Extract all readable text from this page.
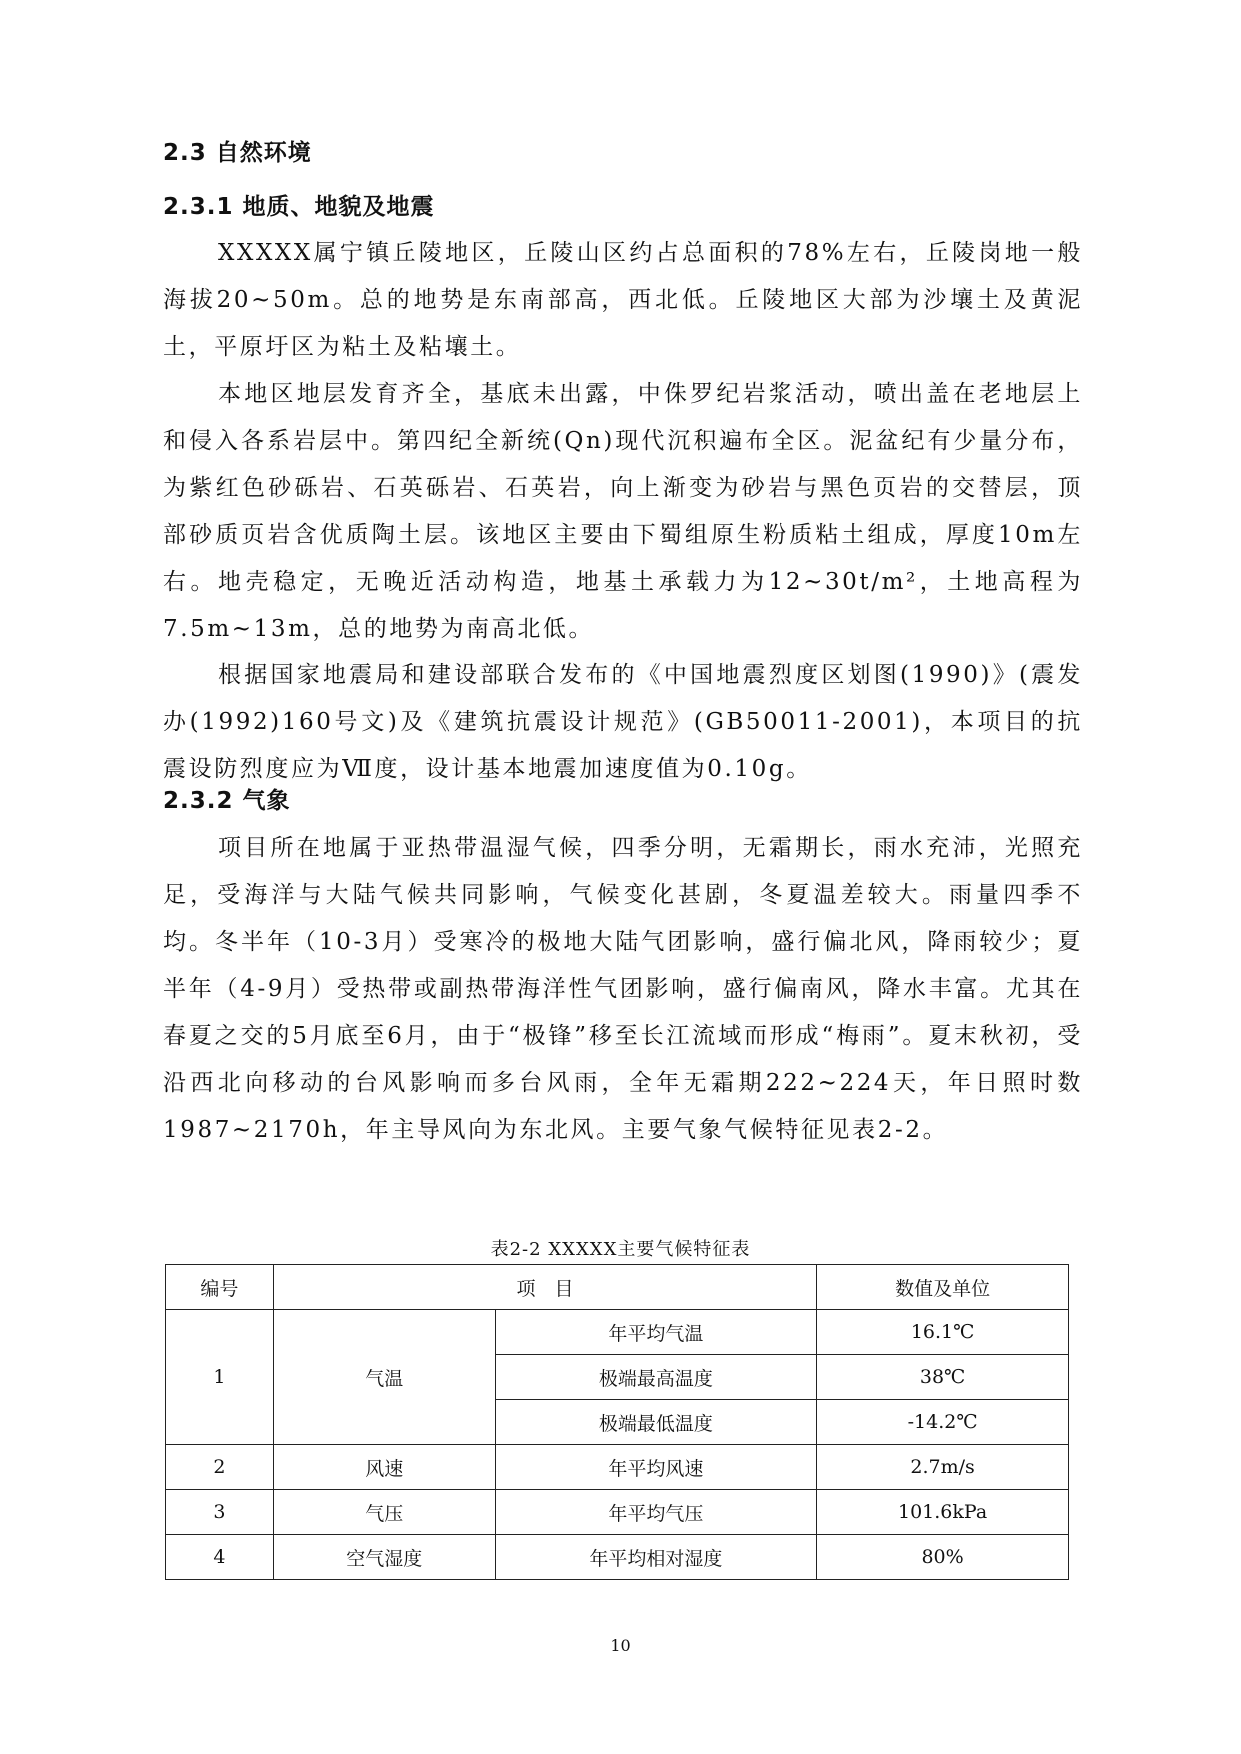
2.3 自然环境
2.3.1 地质、地貌及地震

XXXXX属宁镇丘陵地区，丘陵山区约占总面积的78%左右，丘陵岗地一般海拔20~50m。总的地势是东南部高，西北低。丘陵地区大部为沙壤土及黄泥土，平原圩区为粘土及粘壤土。

本地区地层发育齐全，基底未出露，中侏罗纪岩浆活动，喷出盖在老地层上和侵入各系岩层中。第四纪全新统(Qn)现代沉积遍布全区。泥盆纪有少量分布，为紫红色砂砾岩、石英砾岩、石英岩，向上渐变为砂岩与黑色页岩的交替层，顶部砂质页岩含优质陶土层。该地区主要由下蜀组原生粉质粘土组成，厚度10m左右。地壳稳定，无晚近活动构造，地基土承载力为12~30t/m²，土地高程为7.5m~13m，总的地势为南高北低。

根据国家地震局和建设部联合发布的《中国地震烈度区划图(1990)》(震发办(1992)160号文)及《建筑抗震设计规范》(GB50011-2001)，本项目的抗震设防烈度应为Ⅶ度，设计基本地震加速度值为0.10g。

2.3.2 气象

项目所在地属于亚热带温湿气候，四季分明，无霜期长，雨水充沛，光照充足，受海洋与大陆气候共同影响，气候变化甚剧，冬夏温差较大。雨量四季不均。冬半年（10-3月）受寒冷的极地大陆气团影响，盛行偏北风，降雨较少；夏半年（4-9月）受热带或副热带海洋性气团影响，盛行偏南风，降水丰富。尤其在春夏之交的5月底至6月，由于“极锋”移至长江流域而形成“梅雨”。夏末秋初，受沿西北向移动的台风影响而多台风雨，全年无霜期222~224天，年日照时数1987~2170h，年主导风向为东北风。主要气象气候特征见表2-2。

表2-2 XXXXX主要气候特征表
编号	项　目		数值及单位
1	气温	年平均气温	16.1℃
		极端最高温度	38℃
		极端最低温度	-14.2℃
2	风速	年平均风速	2.7m/s
3	气压	年平均气压	101.6kPa
4	空气湿度	年平均相对湿度	80%
10
